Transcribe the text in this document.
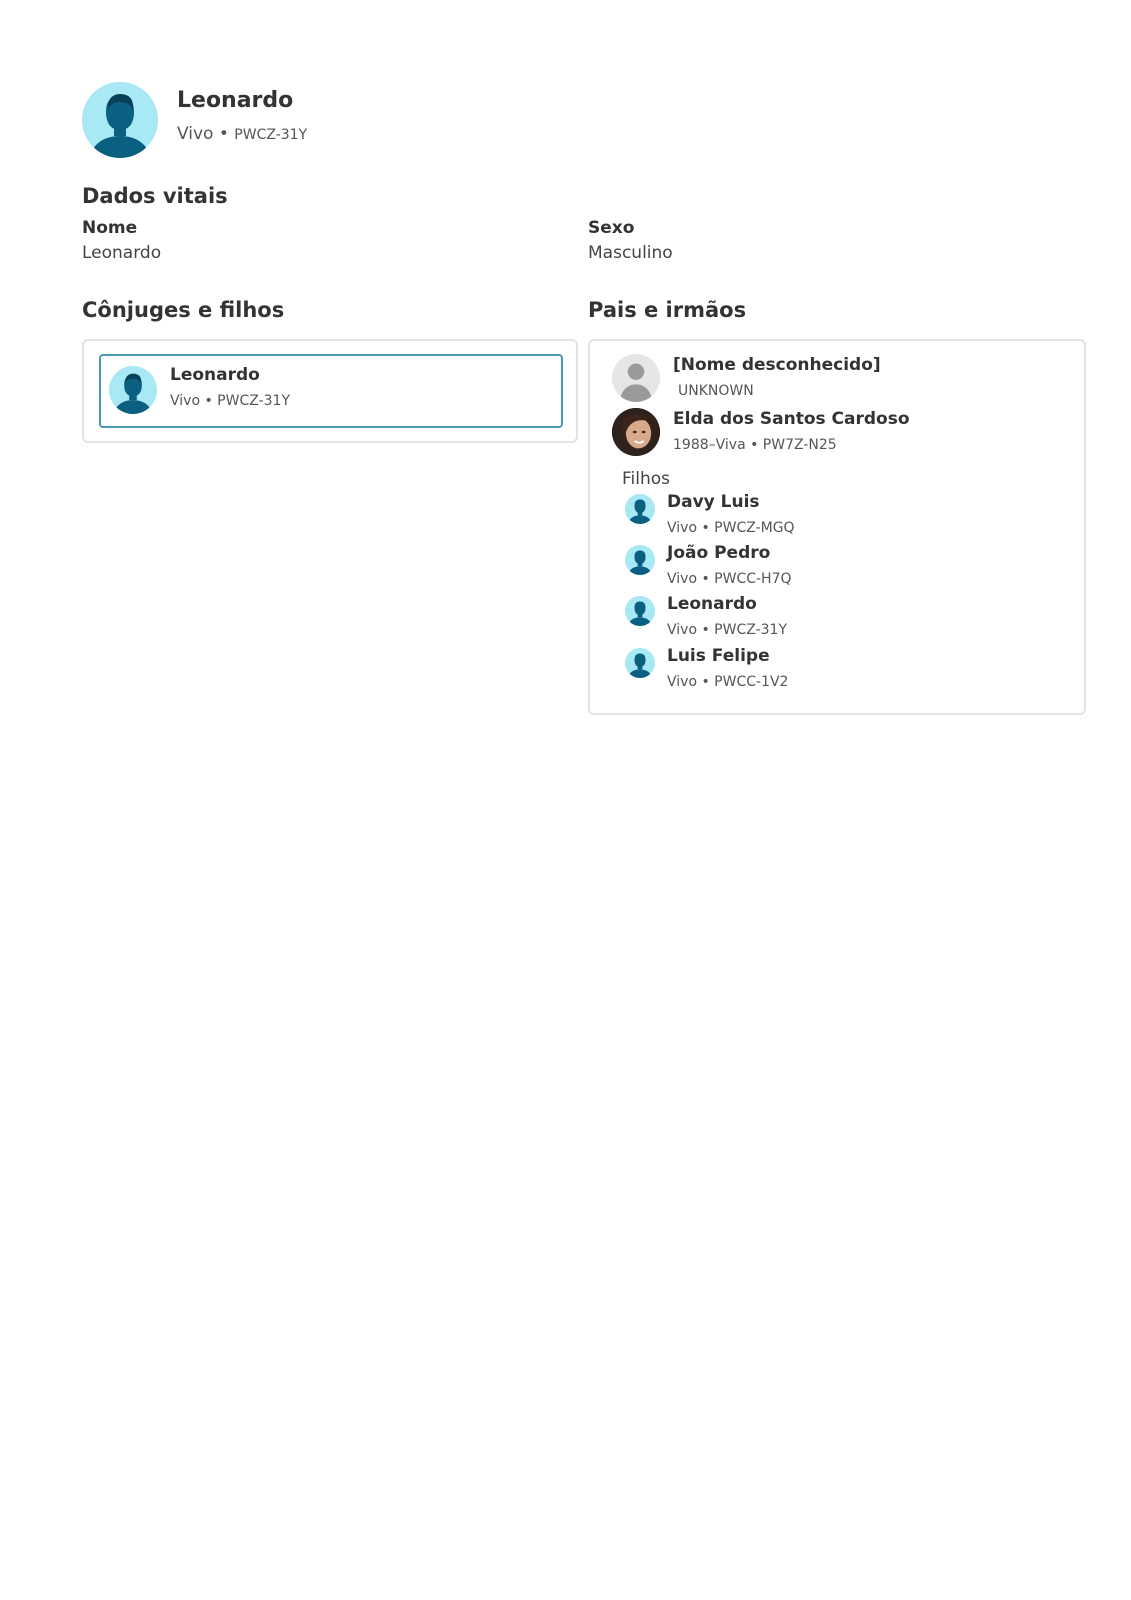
Leonardo
Vivo • PWCZ-31Y
Dados vitais
Nome
Leonardo
Sexo
Masculino
Cônjuges e filhos
Leonardo
Vivo • PWCZ-31Y
Pais e irmãos
[Nome desconhecido]
UNKNOWN
Elda dos Santos Cardoso
1988–Viva • PW7Z-N25
Filhos
Davy Luis
Vivo • PWCZ-MGQ
João Pedro
Vivo • PWCC-H7Q
Leonardo
Vivo • PWCZ-31Y
Luis Felipe
Vivo • PWCC-1V2
